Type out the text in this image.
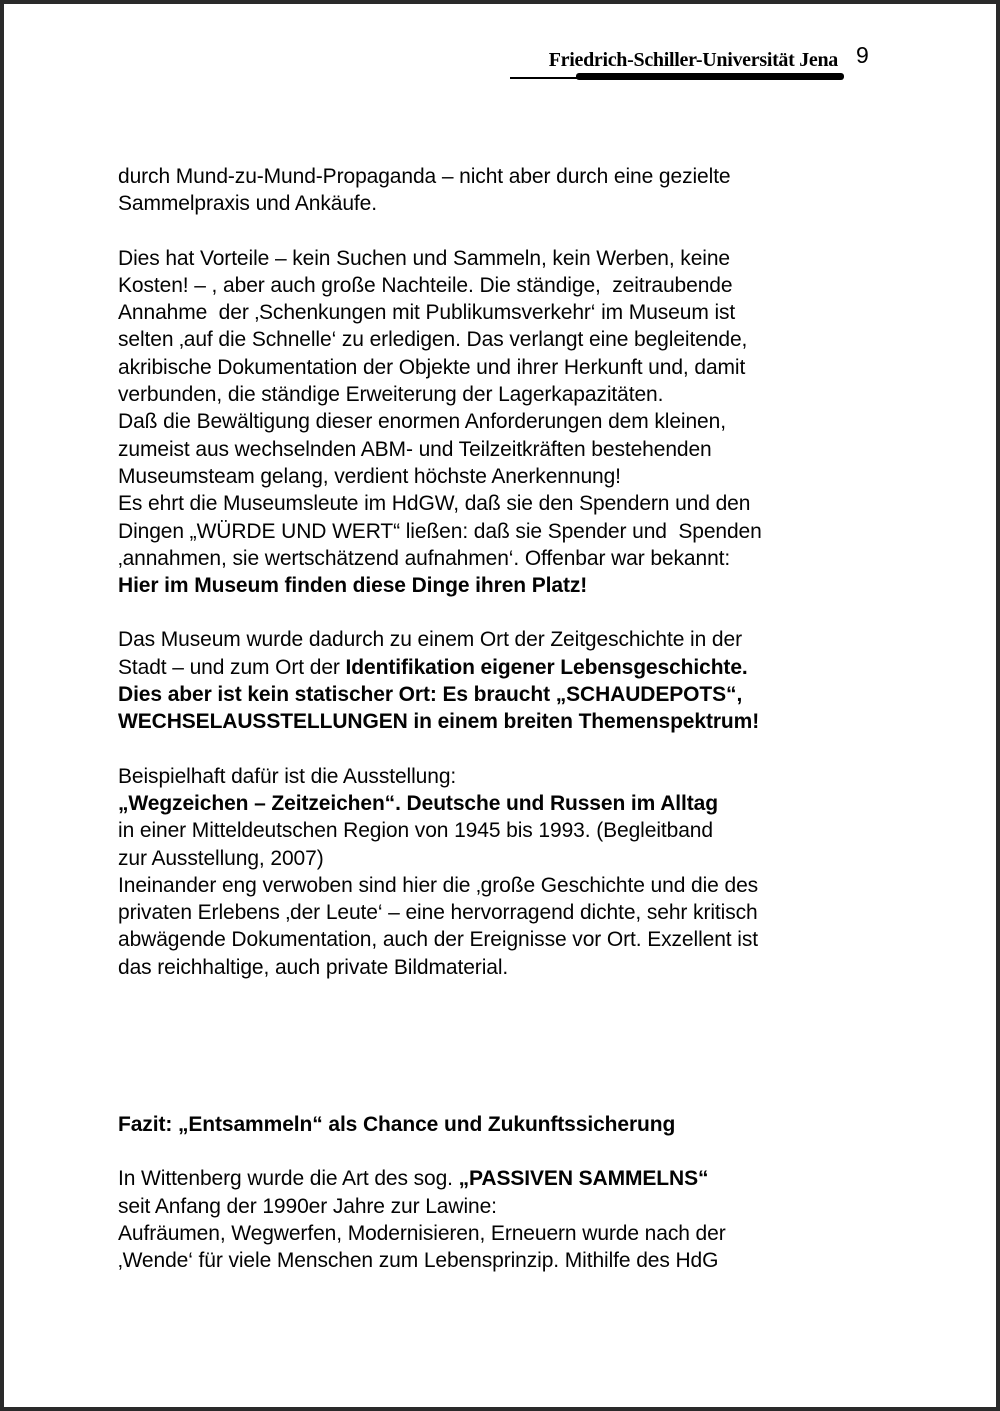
Friedrich-Schiller-Universität Jena 9
durch Mund-zu-Mund-Propaganda – nicht aber durch eine gezielte
Sammelpraxis und Ankäufe.
Dies hat Vorteile – kein Suchen und Sammeln, kein Werben, keine
Kosten! – , aber auch große Nachteile. Die ständige,  zeitraubende
Annahme  der ‚Schenkungen mit Publikumsverkehr‘ im Museum ist
selten ‚auf die Schnelle‘ zu erledigen. Das verlangt eine begleitende,
akribische Dokumentation der Objekte und ihrer Herkunft und, damit
verbunden, die ständige Erweiterung der Lagerkapazitäten.
Daß die Bewältigung dieser enormen Anforderungen dem kleinen,
zumeist aus wechselnden ABM- und Teilzeitkräften bestehenden
Museumsteam gelang, verdient höchste Anerkennung!
Es ehrt die Museumsleute im HdGW, daß sie den Spendern und den
Dingen „WÜRDE UND WERT“ ließen: daß sie Spender und  Spenden
‚annahmen, sie wertschätzend aufnahmen‘. Offenbar war bekannt:
Hier im Museum finden diese Dinge ihren Platz!
Das Museum wurde dadurch zu einem Ort der Zeitgeschichte in der
Stadt – und zum Ort der Identifikation eigener Lebensgeschichte.
Dies aber ist kein statischer Ort: Es braucht „SCHAUDEPOTS“,
WECHSELAUSSTELLUNGEN in einem breiten Themenspektrum!
Beispielhaft dafür ist die Ausstellung:
„Wegzeichen – Zeitzeichen“. Deutsche und Russen im Alltag
in einer Mitteldeutschen Region von 1945 bis 1993. (Begleitband
zur Ausstellung, 2007)
Ineinander eng verwoben sind hier die ‚große Geschichte und die des
privaten Erlebens ‚der Leute‘ – eine hervorragend dichte, sehr kritisch
abwägende Dokumentation, auch der Ereignisse vor Ort. Exzellent ist
das reichhaltige, auch private Bildmaterial.
Fazit: „Entsammeln“ als Chance und Zukunftssicherung
In Wittenberg wurde die Art des sog. „PASSIVEN SAMMELNS“
seit Anfang der 1990er Jahre zur Lawine:
Aufräumen, Wegwerfen, Modernisieren, Erneuern wurde nach der
‚Wende‘ für viele Menschen zum Lebensprinzip. Mithilfe des HdG
